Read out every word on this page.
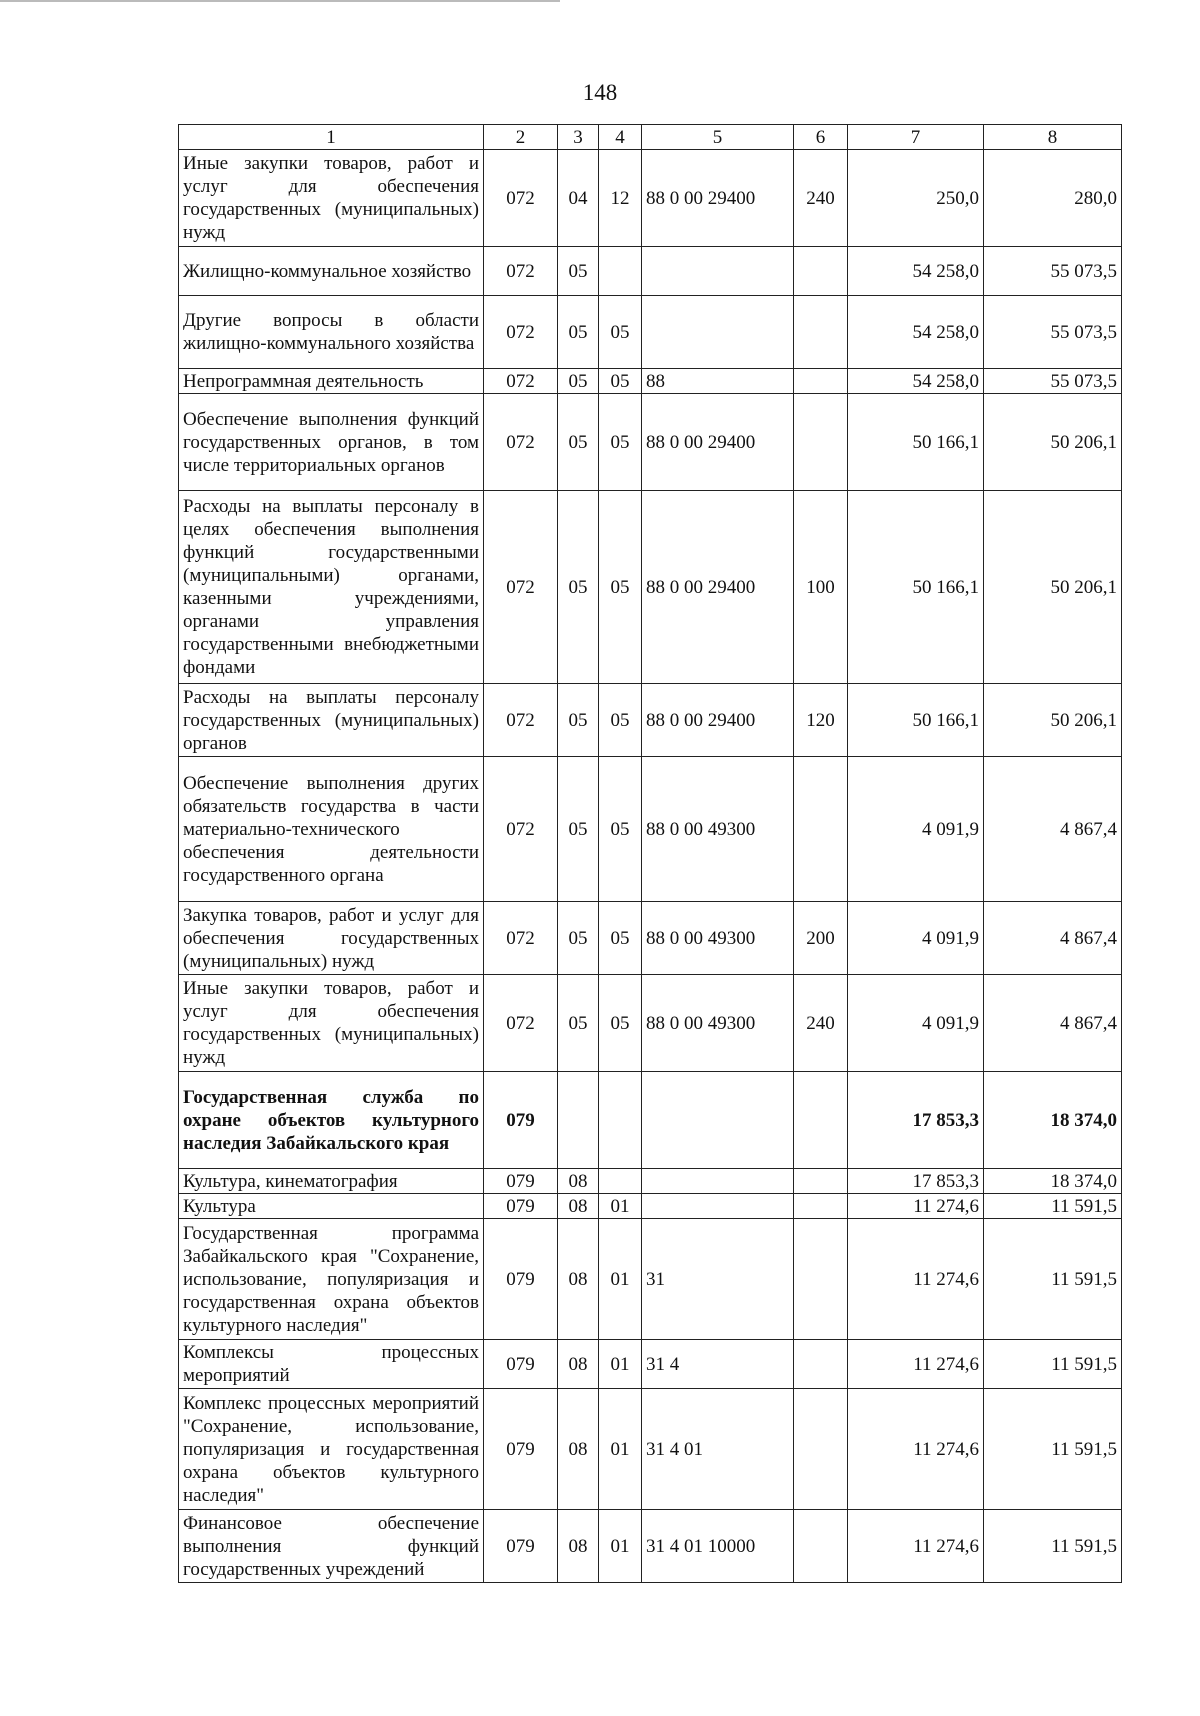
148
1	2	3	4	5	6	7	8
Иные закупки товаров, работ и услуг для обеспечения государственных (муниципальных) нужд	072	04	12	88 0 00 29400	240	250,0	280,0
Жилищно-коммунальное хозяйство	072	05				54 258,0	55 073,5
Другие вопросы в области жилищно-коммунального хозяйства	072	05	05			54 258,0	55 073,5
Непрограммная деятельность	072	05	05	88		54 258,0	55 073,5
Обеспечение выполнения функций государственных органов, в том числе территориальных органов	072	05	05	88 0 00 29400		50 166,1	50 206,1
Расходы на выплаты персоналу в целях обеспечения выполнения функций государственными (муниципальными) органами, казенными учреждениями, органами управления государственными внебюджетными фондами	072	05	05	88 0 00 29400	100	50 166,1	50 206,1
Расходы на выплаты персоналу государственных (муниципальных) органов	072	05	05	88 0 00 29400	120	50 166,1	50 206,1
Обеспечение выполнения других обязательств государства в части материально-технического обеспечения деятельности государственного органа	072	05	05	88 0 00 49300		4 091,9	4 867,4
Закупка товаров, работ и услуг для обеспечения государственных (муниципальных) нужд	072	05	05	88 0 00 49300	200	4 091,9	4 867,4
Иные закупки товаров, работ и услуг для обеспечения государственных (муниципальных) нужд	072	05	05	88 0 00 49300	240	4 091,9	4 867,4
Государственная служба по охране объектов культурного наследия Забайкальского края	079					17 853,3	18 374,0
Культура, кинематография	079	08				17 853,3	18 374,0
Культура	079	08	01			11 274,6	11 591,5
Государственная программа Забайкальского края "Сохранение, использование, популяризация и государственная охрана объектов культурного наследия"	079	08	01	31		11 274,6	11 591,5
Комплексы процессных мероприятий	079	08	01	31 4		11 274,6	11 591,5
Комплекс процессных мероприятий "Сохранение, использование, популяризация и государственная охрана объектов культурного наследия"	079	08	01	31 4 01		11 274,6	11 591,5
Финансовое обеспечение выполнения функций государственных учреждений	079	08	01	31 4 01 10000		11 274,6	11 591,5
